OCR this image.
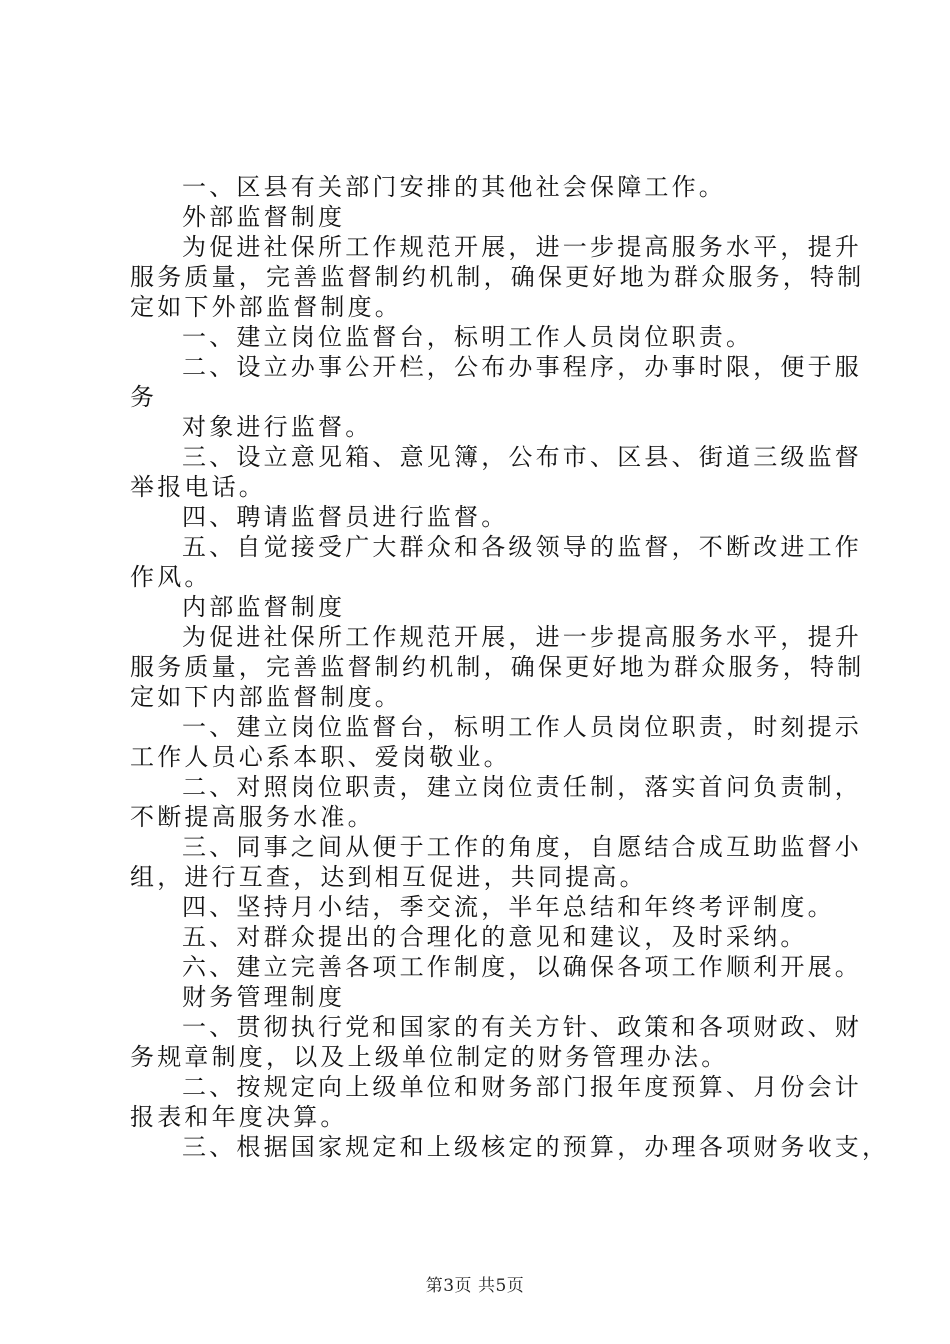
一、区县有关部门安排的其他社会保障工作。

外部监督制度

为促进社保所工作规范开展，进一步提高服务水平，提升

服务质量，完善监督制约机制，确保更好地为群众服务，特制

定如下外部监督制度。

一、建立岗位监督台，标明工作人员岗位职责。

二、设立办事公开栏，公布办事程序，办事时限，便于服

务

对象进行监督。

三、设立意见箱、意见簿，公布市、区县、街道三级监督

举报电话。

四、聘请监督员进行监督。

五、自觉接受广大群众和各级领导的监督，不断改进工作

作风。

内部监督制度

为促进社保所工作规范开展，进一步提高服务水平，提升

服务质量，完善监督制约机制，确保更好地为群众服务，特制

定如下内部监督制度。

一、建立岗位监督台，标明工作人员岗位职责，时刻提示

工作人员心系本职、爱岗敬业。

二、对照岗位职责，建立岗位责任制，落实首问负责制，

不断提高服务水准。

三、同事之间从便于工作的角度，自愿结合成互助监督小

组，进行互查，达到相互促进，共同提高。

四、坚持月小结，季交流，半年总结和年终考评制度。

五、对群众提出的合理化的意见和建议，及时采纳。

六、建立完善各项工作制度，以确保各项工作顺利开展。

财务管理制度

一、贯彻执行党和国家的有关方针、政策和各项财政、财

务规章制度，以及上级单位制定的财务管理办法。

二、按规定向上级单位和财务部门报年度预算、月份会计

报表和年度决算。

三、根据国家规定和上级核定的预算，办理各项财务收支，

第3页 共5页
